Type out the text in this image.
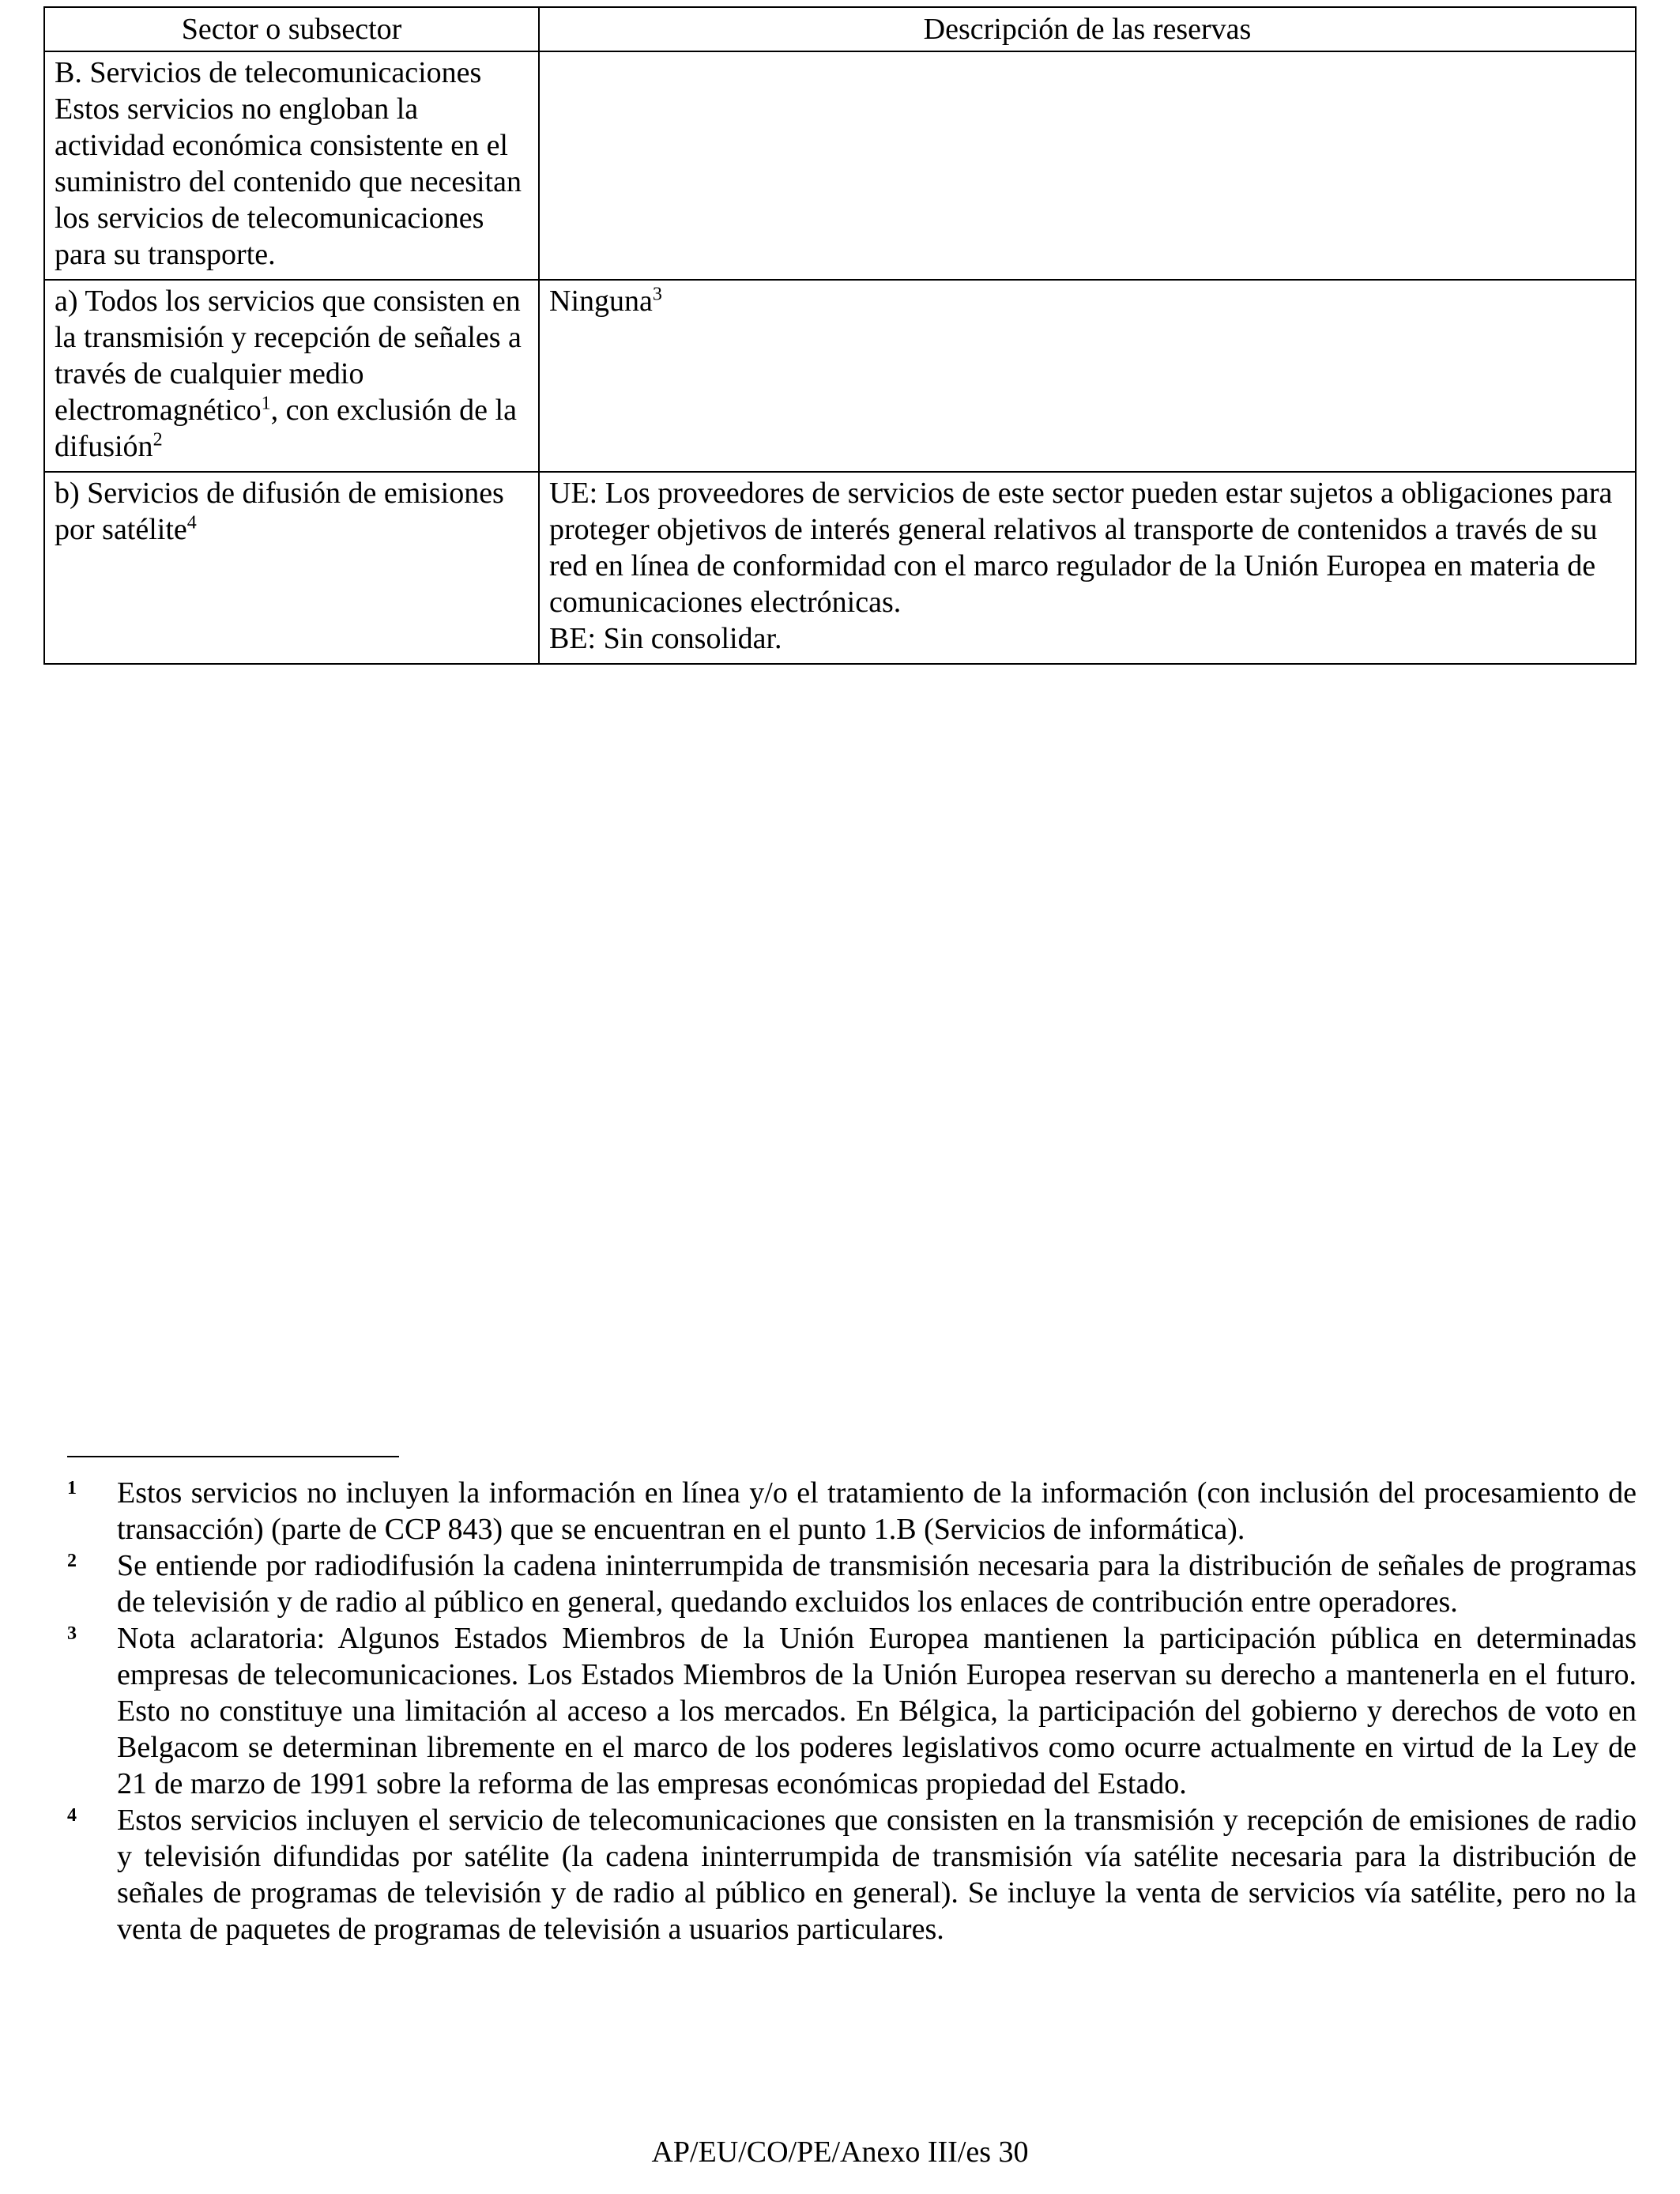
Sector o subsector	Descripción de las reservas

B. Servicios de telecomunicaciones
Estos servicios no engloban la actividad económica consistente en el suministro del contenido que necesitan los servicios de telecomunicaciones para su transporte.	

a) Todos los servicios que consisten en la transmisión y recepción de señales a través de cualquier medio electromagnético$^1$, con exclusión de la difusión$^2$	Ninguna$^3$
b) Servicios de difusión de emisiones por satélite$^4$	UE: Los proveedores de servicios de este sector pueden estar sujetos a obligaciones para proteger objetivos de interés general relativos al transporte de contenidos a través de su red en línea de conformidad con el marco regulador de la Unión Europea en materia de comunicaciones electrónicas.
BE: Sin consolidar.
1	Estos servicios no incluyen la información en línea y/o el tratamiento de la información (con inclusión del procesamiento de transacción) (parte de CCP 843) que se encuentran en el punto 1.B (Servicios de informática).
2	Se entiende por radiodifusión la cadena ininterrumpida de transmisión necesaria para la distribución de señales de programas de televisión y de radio al público en general, quedando excluidos los enlaces de contribución entre operadores.
3	Nota aclaratoria: Algunos Estados Miembros de la Unión Europea mantienen la participación pública en determinadas empresas de telecomunicaciones. Los Estados Miembros de la Unión Europea reservan su derecho a mantenerla en el futuro. Esto no constituye una limitación al acceso a los mercados. En Bélgica, la participación del gobierno y derechos de voto en Belgacom se determinan libremente en el marco de los poderes legislativos como ocurre actualmente en virtud de la Ley de 21 de marzo de 1991 sobre la reforma de las empresas económicas propiedad del Estado.
4	Estos servicios incluyen el servicio de telecomunicaciones que consisten en la transmisión y recepción de emisiones de radio y televisión difundidas por satélite (la cadena ininterrumpida de transmisión vía satélite necesaria para la distribución de señales de programas de televisión y de radio al público en general). Se incluye la venta de servicios vía satélite, pero no la venta de paquetes de programas de televisión a usuarios particulares.
AP/EU/CO/PE/Anexo III/es 30
